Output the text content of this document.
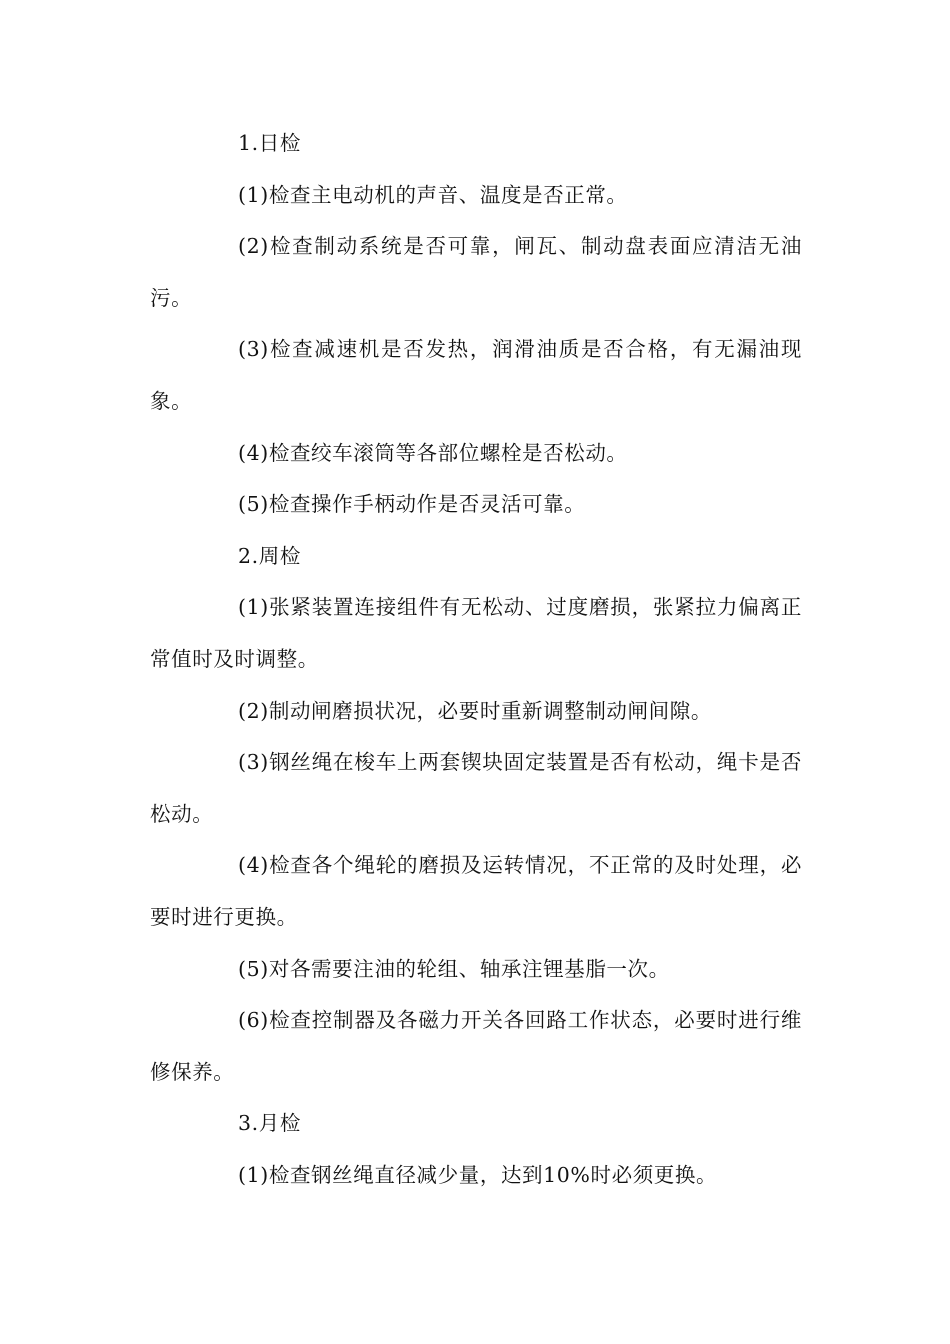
1.日检

(1)检查主电动机的声音、温度是否正常。

(2)检查制动系统是否可靠，闸瓦、制动盘表面应清洁无油污。

(3)检查减速机是否发热，润滑油质是否合格，有无漏油现象。

(4)检查绞车滚筒等各部位螺栓是否松动。

(5)检查操作手柄动作是否灵活可靠。

2.周检

(1)张紧装置连接组件有无松动、过度磨损，张紧拉力偏离正常值时及时调整。

(2)制动闸磨损状况，必要时重新调整制动闸间隙。

(3)钢丝绳在梭车上两套锲块固定装置是否有松动，绳卡是否松动。

(4)检查各个绳轮的磨损及运转情况，不正常的及时处理，必要时进行更换。

(5)对各需要注油的轮组、轴承注锂基脂一次。

(6)检查控制器及各磁力开关各回路工作状态，必要时进行维修保养。

3.月检

(1)检查钢丝绳直径减少量，达到10%时必须更换。
